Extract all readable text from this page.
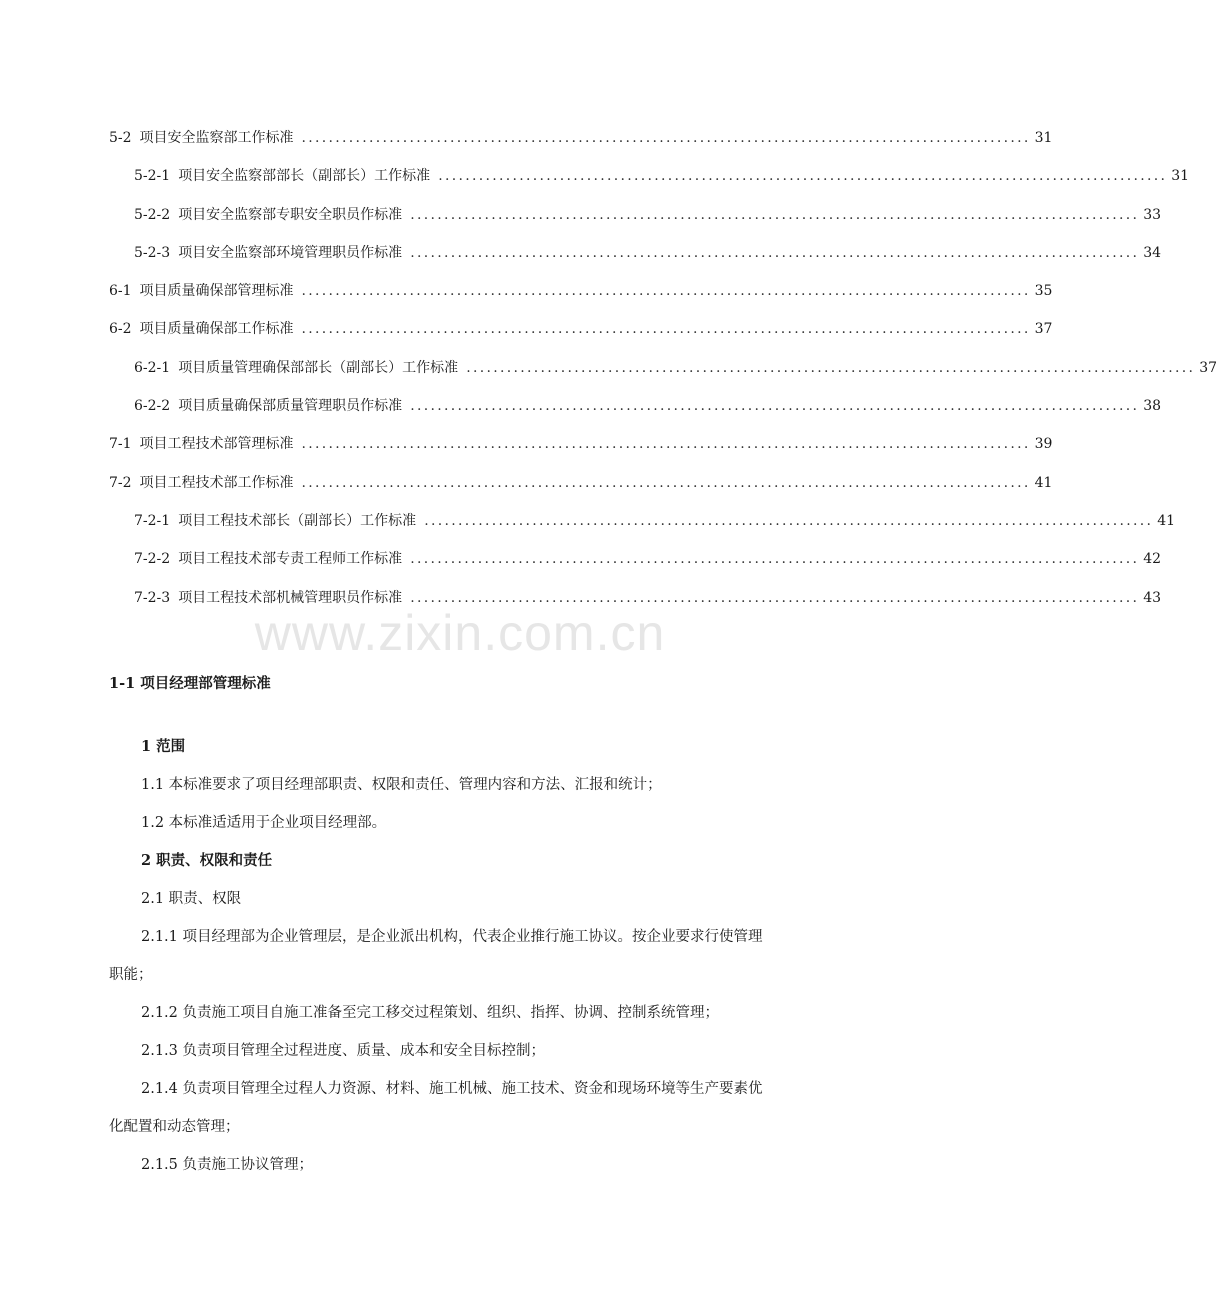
5-2 项目安全监察部工作标准 ............................................................................................................ 31
5-2-1 项目安全监察部部长（副部长）工作标准 ............................................................................................................ 31
5-2-2 项目安全监察部专职安全职员作标准 ............................................................................................................ 33
5-2-3 项目安全监察部环境管理职员作标准 ............................................................................................................ 34
6-1 项目质量确保部管理标准 ............................................................................................................ 35
6-2 项目质量确保部工作标准 ............................................................................................................ 37
6-2-1 项目质量管理确保部部长（副部长）工作标准 ............................................................................................................ 37
6-2-2 项目质量确保部质量管理职员作标准 ............................................................................................................ 38
7-1 项目工程技术部管理标准 ............................................................................................................ 39
7-2 项目工程技术部工作标准 ............................................................................................................ 41
7-2-1 项目工程技术部长（副部长）工作标准 ............................................................................................................ 41
7-2-2 项目工程技术部专责工程师工作标准 ............................................................................................................ 42
7-2-3 项目工程技术部机械管理职员作标准 ............................................................................................................ 43
www.zixin.com.cn
1-1 项目经理部管理标准
1 范围
1.1 本标准要求了项目经理部职责、权限和责任、管理内容和方法、汇报和统计；
1.2 本标准适适用于企业项目经理部。
2 职责、权限和责任
2.1 职责、权限
2.1.1 项目经理部为企业管理层，是企业派出机构，代表企业推行施工协议。按企业要求行使管理
职能；
2.1.2 负责施工项目自施工准备至完工移交过程策划、组织、指挥、协调、控制系统管理；
2.1.3 负责项目管理全过程进度、质量、成本和安全目标控制；
2.1.4 负责项目管理全过程人力资源、材料、施工机械、施工技术、资金和现场环境等生产要素优
化配置和动态管理；
2.1.5 负责施工协议管理；
